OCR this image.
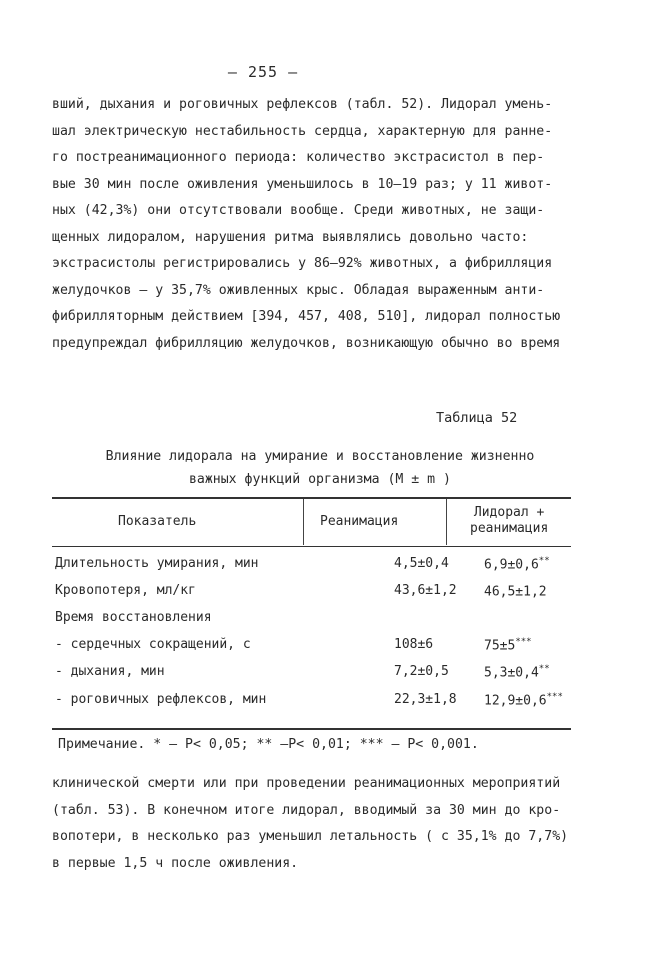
– 255 –
вший, дыхания и роговичных рефлексов (табл. 52). Лидорал умень-
шал электрическую нестабильность сердца, характерную для ранне-
го постреанимационного периода: количество экстрасистол в пер-
вые 30 мин после оживления уменьшилось в 10–19 раз; у 11 живот-
ных (42,3%) они отсутствовали вообще. Среди животных, не защи-
щенных лидоралом, нарушения ритма выявлялись довольно часто:
экстрасистолы регистрировались у 86–92% животных, а фибрилляция
желудочков – у 35,7% оживленных крыс. Обладая выраженным анти-
фибрилляторным действием [394, 457, 408, 510], лидорал полностью
предупреждал фибрилляцию желудочков, возникающую обычно во время
Таблица 52
Влияние лидорала на умирание и восстановление жизненно
важных функций организма (M ± m )
Показатель	Реанимация
Лидорал +
реанимация
Длительность умирания, мин	4,5±0,4	6,9±0,6**
Кровопотеря, мл/кг	43,6±1,2 46,5±1,2
Время восстановления
- сердечных сокращений, с	108±6	75±5***
- дыхания, мин	7,2±0,5	5,3±0,4**
- роговичных рефлексов, мин	22,3±1,8 12,9±0,6***
Примечание. * – P< 0,05; ** –P< 0,01; *** – P< 0,001.
клинической смерти или при проведении реанимационных мероприятий
(табл. 53). В конечном итоге лидорал, вводимый за 30 мин до кро-
вопотери, в несколько раз уменьшил летальность ( с 35,1% до 7,7%)
в первые 1,5 ч после оживления.
